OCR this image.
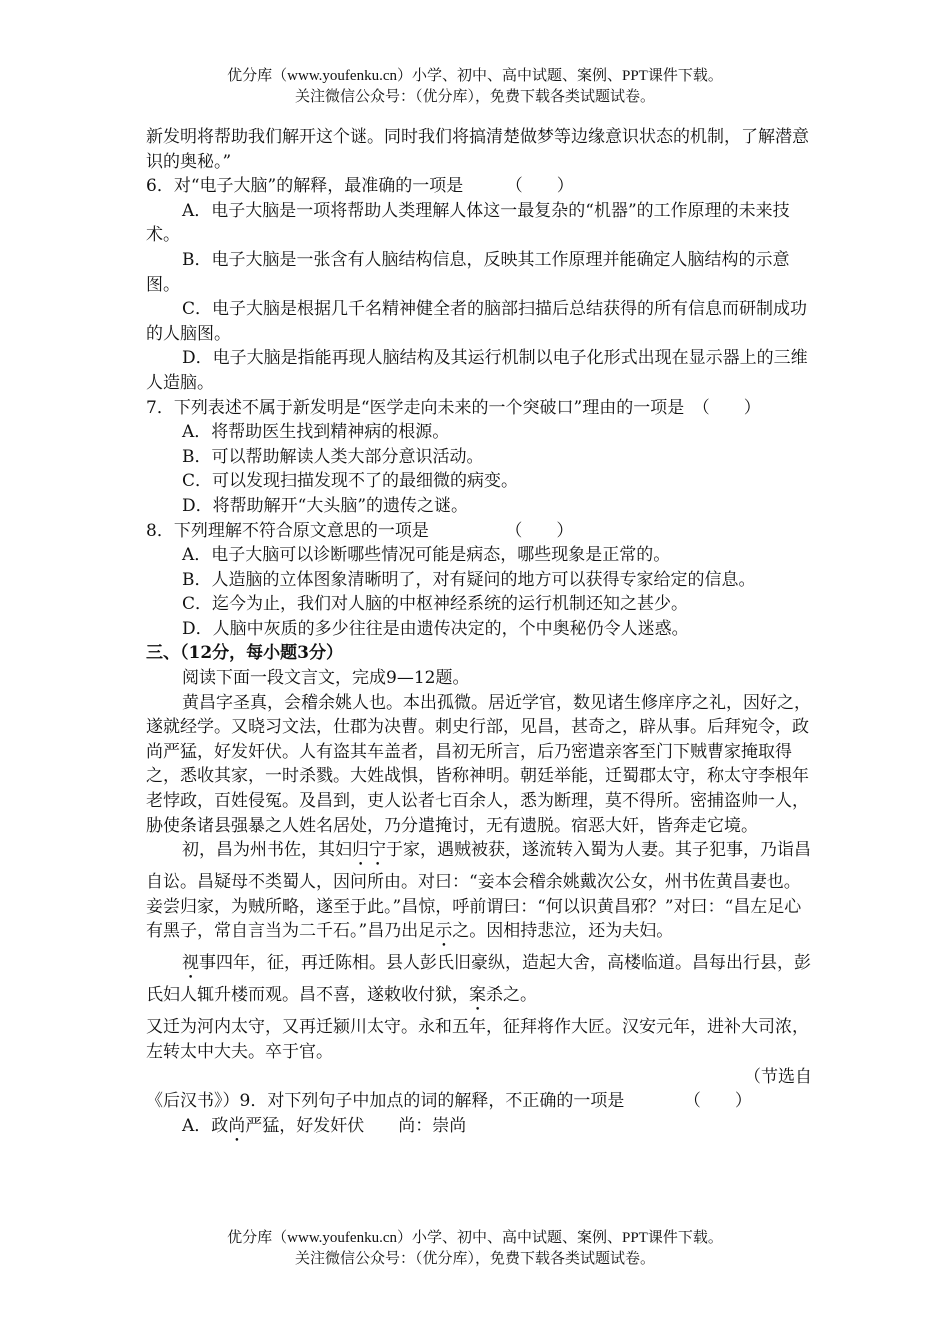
优分库（www.youfenku.cn）小学、初中、高中试题、案例、PPT课件下载。
关注微信公众号：（优分库），免费下载各类试题试卷。

新发明将帮助我们解开这个谜。同时我们将搞清楚做梦等边缘意识状态的机制，了解潜意识的奥秘。”

6．对“电子大脑”的解释，最准确的一项是　　　（　　）

A．电子大脑是一项将帮助人类理解人体这一最复杂的“机器”的工作原理的未来技术。

B．电子大脑是一张含有人脑结构信息，反映其工作原理并能确定人脑结构的示意图。

C．电子大脑是根据几千名精神健全者的脑部扫描后总结获得的所有信息而研制成功的人脑图。

D．电子大脑是指能再现人脑结构及其运行机制以电子化形式出现在显示器上的三维人造脑。

7．下列表述不属于新发明是“医学走向未来的一个突破口”理由的一项是　（　　）

A．将帮助医生找到精神病的根源。

B．可以帮助解读人类大部分意识活动。

C．可以发现扫描发现不了的最细微的病变。

D．将帮助解开“大头脑”的遗传之谜。

8．下列理解不符合原文意思的一项是　　　　　（　　）

A．电子大脑可以诊断哪些情况可能是病态，哪些现象是正常的。

B．人造脑的立体图象清晰明了，对有疑问的地方可以获得专家给定的信息。

C．迄今为止，我们对人脑的中枢神经系统的运行机制还知之甚少。

D．人脑中灰质的多少往往是由遗传决定的，个中奥秘仍令人迷惑。

三、（12分，每小题3分）

阅读下面一段文言文，完成9—12题。

黄昌字圣真，会稽余姚人也。本出孤微。居近学官，数见诸生修庠序之礼，因好之，遂就经学。又晓习文法，仕郡为决曹。刺史行部，见昌，甚奇之，辟从事。后拜宛令，政尚严猛，好发奸伏。人有盗其车盖者，昌初无所言，后乃密遣亲客至门下贼曹家掩取得之，悉收其家，一时杀戮。大姓战惧，皆称神明。朝廷举能，迁蜀郡太守，称太守李根年老悖政，百姓侵冤。及昌到，吏人讼者七百余人，悉为断理，莫不得所。密捕盗帅一人，胁使条诸县强暴之人姓名居处，乃分遣掩讨，无有遗脱。宿恶大奸，皆奔走它境。

初，昌为州书佐，其妇归宁于家，遇贼被获，遂流转入蜀为人妻。其子犯事，乃诣昌自讼。昌疑母不类蜀人，因问所由。对曰：“妾本会稽余姚戴次公女，州书佐黄昌妻也。妾尝归家，为贼所略，遂至于此。”昌惊，呼前谓曰：“何以识黄昌邪？”对曰：“昌左足心有黑子，常自言当为二千石。”昌乃出足示之。因相持悲泣，还为夫妇。

视事四年，征，再迁陈相。县人彭氏旧豪纵，造起大舍，高楼临道。昌每出行县，彭氏妇人辄升楼而观。昌不喜，遂敕收付狱，案杀之。

又迁为河内太守，又再迁颍川太守。永和五年，征拜将作大匠。汉安元年，进补大司浓，左转太中大夫。卒于官。

（节选自

《后汉书》）9．对下列句子中加点的词的解释，不正确的一项是　　　　（　　）

A．政尚严猛，好发奸伏　　尚：崇尚

优分库（www.youfenku.cn）小学、初中、高中试题、案例、PPT课件下载。
关注微信公众号：（优分库），免费下载各类试题试卷。
